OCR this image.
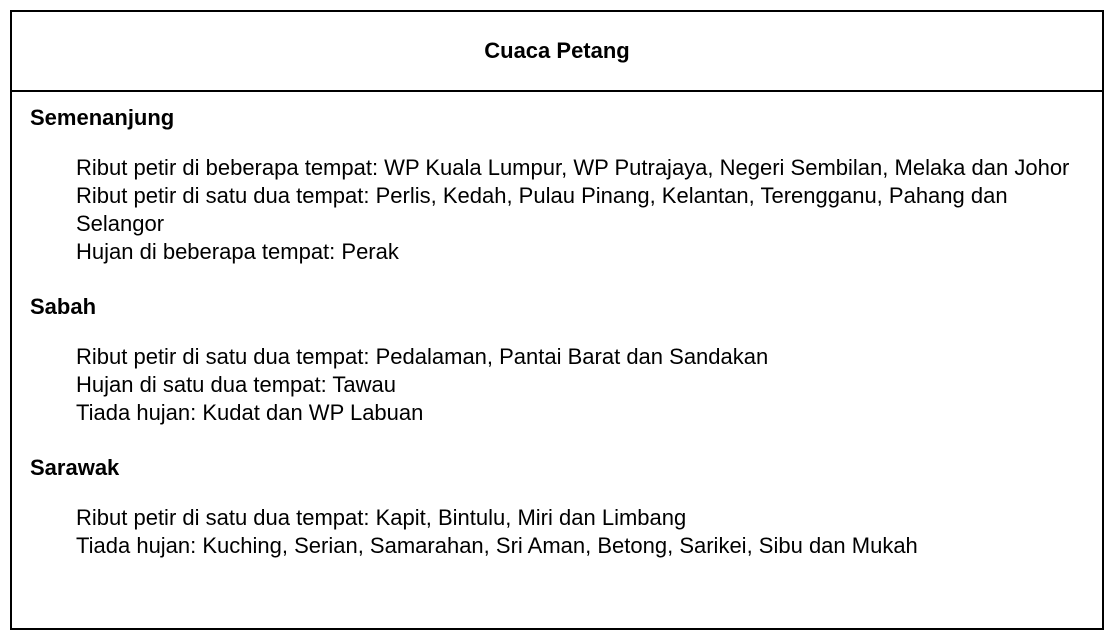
Cuaca Petang
Semenanjung
Ribut petir di beberapa tempat: WP Kuala Lumpur, WP Putrajaya, Negeri Sembilan, Melaka dan Johor
Ribut petir di satu dua tempat: Perlis, Kedah, Pulau Pinang, Kelantan, Terengganu, Pahang dan Selangor
Hujan di beberapa tempat: Perak
Sabah
Ribut petir di satu dua tempat: Pedalaman, Pantai Barat dan Sandakan
Hujan di satu dua tempat: Tawau
Tiada hujan: Kudat dan WP Labuan
Sarawak
Ribut petir di satu dua tempat: Kapit, Bintulu, Miri dan Limbang
Tiada hujan: Kuching, Serian, Samarahan, Sri Aman, Betong, Sarikei, Sibu dan Mukah
